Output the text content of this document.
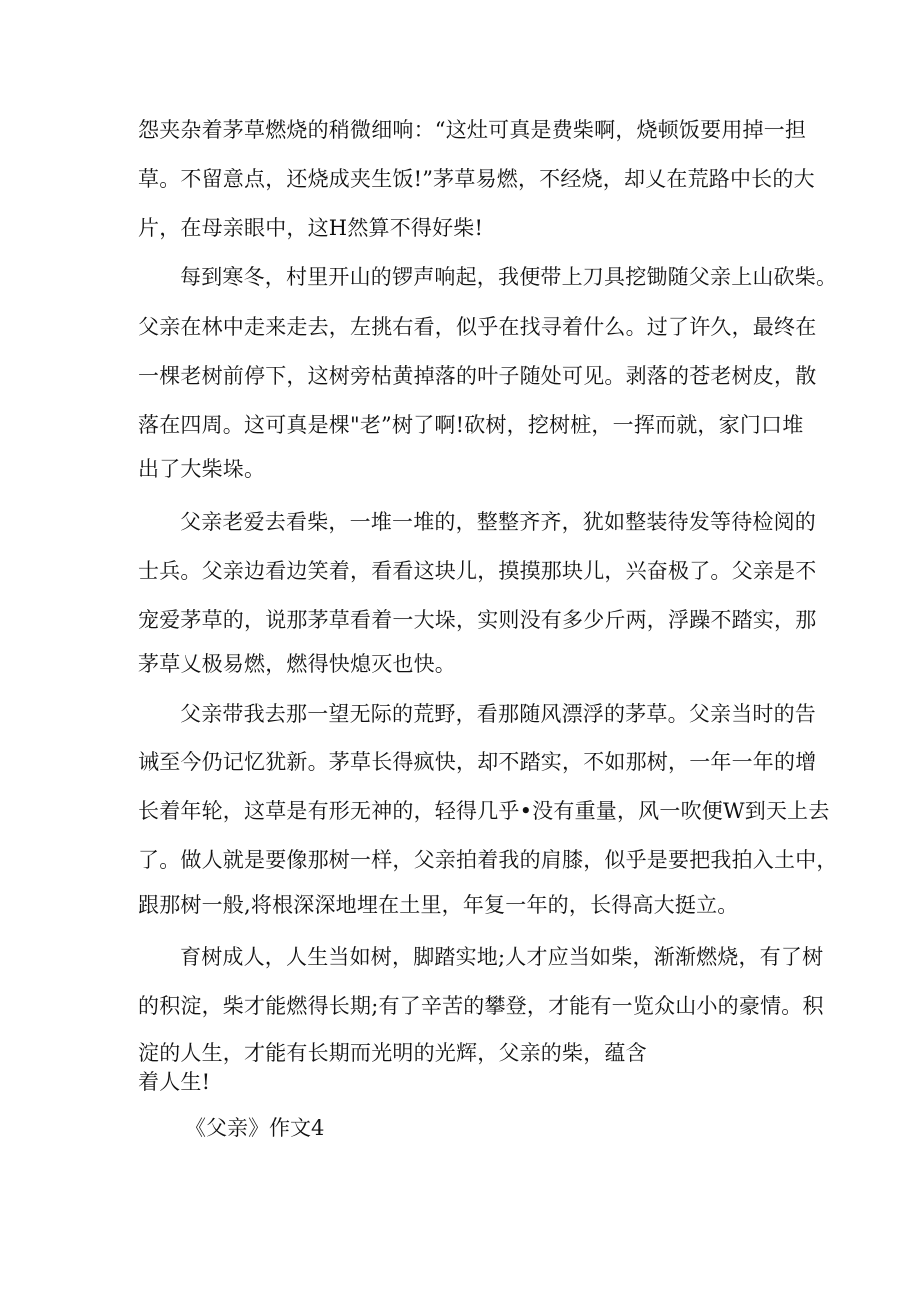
怨夹杂着茅草燃烧的稍微细响：“这灶可真是费柴啊，烧顿饭要用掉一担
草。不留意点，还烧成夹生饭!”茅草易燃，不经烧，却乂在荒路中长的大
片，在母亲眼中，这H然算不得好柴!
每到寒冬，村里开山的锣声响起，我便带上刀具挖锄随父亲上山砍柴。
父亲在林中走来走去，左挑右看，似乎在找寻着什么。过了许久，最终在
一棵老树前停下，这树旁枯黄掉落的叶子随处可见。剥落的苍老树皮，散
落在四周。这可真是棵"老”树了啊!砍树，挖树桩，一挥而就，家门口堆
出了大柴垛。
父亲老爱去看柴，一堆一堆的，整整齐齐，犹如整装待发等待检阅的
士兵。父亲边看边笑着，看看这块儿，摸摸那块儿，兴奋极了。父亲是不
宠爱茅草的，说那茅草看着一大垛，实则没有多少斤两，浮躁不踏实，那
茅草乂极易燃，燃得快熄灭也快。
父亲带我去那一望无际的荒野，看那随风漂浮的茅草。父亲当时的告
诫至今仍记忆犹新。茅草长得疯快，却不踏实，不如那树，一年一年的增
长着年轮，这草是有形无神的，轻得几乎•没有重量，风一吹便W到天上去
了。做人就是要像那树一样，父亲拍着我的肩膝，似乎是要把我拍入土中，
跟那树一般,将根深深地埋在土里，年复一年的，长得高大挺立。
育树成人，人生当如树，脚踏实地;人才应当如柴，渐渐燃烧，有了树
的积淀，柴才能燃得长期;有了辛苦的攀登，才能有一览众山小的豪情。积
淀的人生，才能有长期而光明的光辉，父亲的柴，蕴含
着人生!
《父亲》作文4
